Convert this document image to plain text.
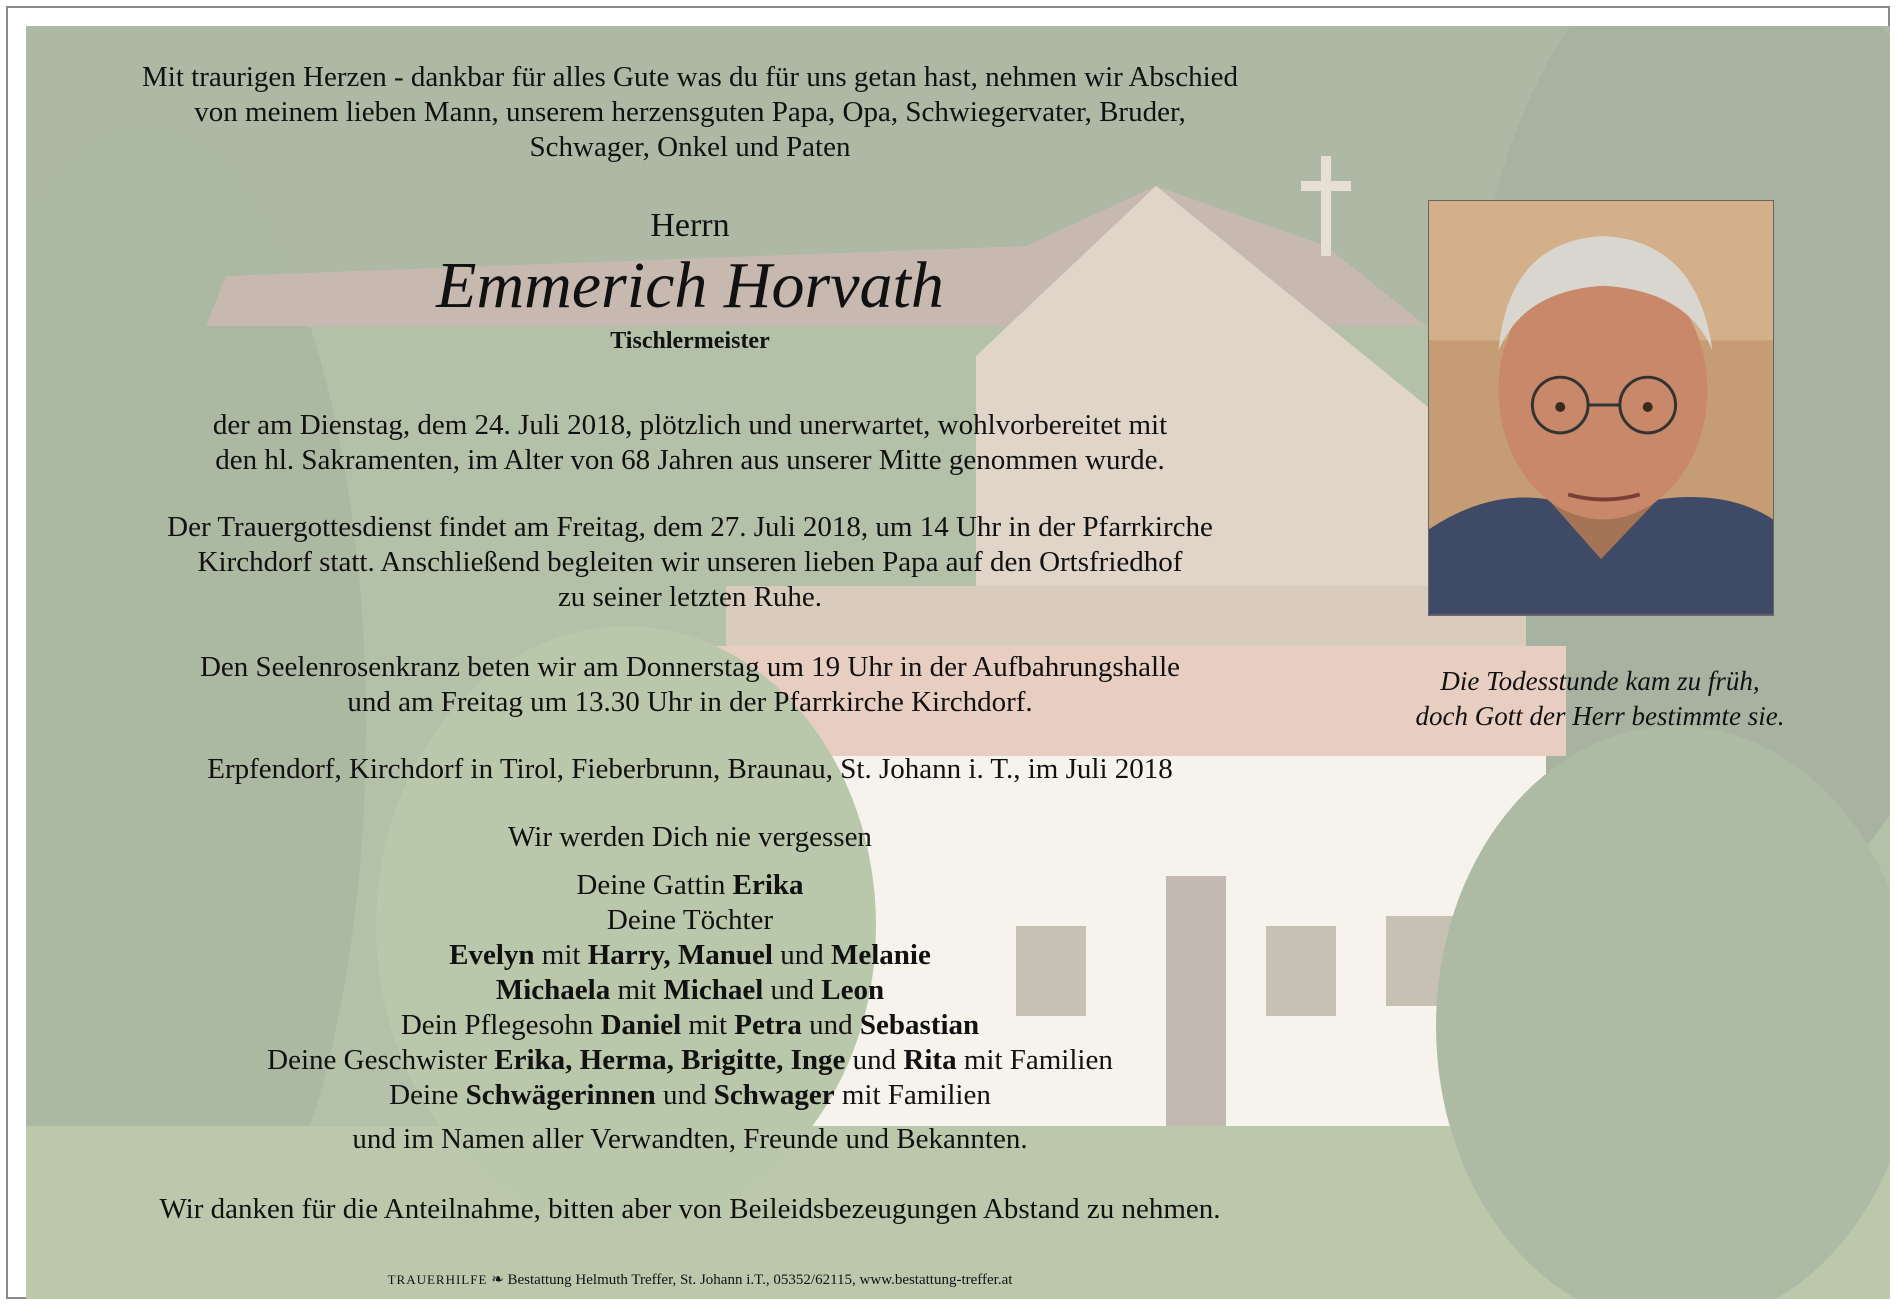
Mit traurigen Herzen - dankbar für alles Gute was du für uns getan hast, nehmen wir Abschied
von meinem lieben Mann, unserem herzensguten Papa, Opa, Schwiegervater, Bruder,
Schwager, Onkel und Paten
Herrn
Emmerich Horvath
Tischlermeister
der am Dienstag, dem 24. Juli 2018, plötzlich und unerwartet, wohlvorbereitet mit
den hl. Sakramenten, im Alter von 68 Jahren aus unserer Mitte genommen wurde.
Der Trauergottesdienst findet am Freitag, dem 27. Juli 2018, um 14 Uhr in der Pfarrkirche
Kirchdorf statt. Anschließend begleiten wir unseren lieben Papa auf den Ortsfriedhof
zu seiner letzten Ruhe.
Den Seelenrosenkranz beten wir am Donnerstag um 19 Uhr in der Aufbahrungshalle
und am Freitag um 13.30 Uhr in der Pfarrkirche Kirchdorf.
Erpfendorf, Kirchdorf in Tirol, Fieberbrunn, Braunau, St. Johann i. T., im Juli 2018
Wir werden Dich nie vergessen
Deine Gattin Erika
Deine Töchter
Evelyn mit Harry, Manuel und Melanie
Michaela mit Michael und Leon
Dein Pflegesohn Daniel mit Petra und Sebastian
Deine Geschwister Erika, Herma, Brigitte, Inge und Rita mit Familien
Deine Schwägerinnen und Schwager mit Familien
und im Namen aller Verwandten, Freunde und Bekannten.
Wir danken für die Anteilnahme, bitten aber von Beileidsbezeugungen Abstand zu nehmen.
TRAUERHILFE ❧ Bestattung Helmuth Treffer, St. Johann i.T., 05352/62115, www.bestattung-treffer.at
Die Todesstunde kam zu früh,
doch Gott der Herr bestimmte sie.
